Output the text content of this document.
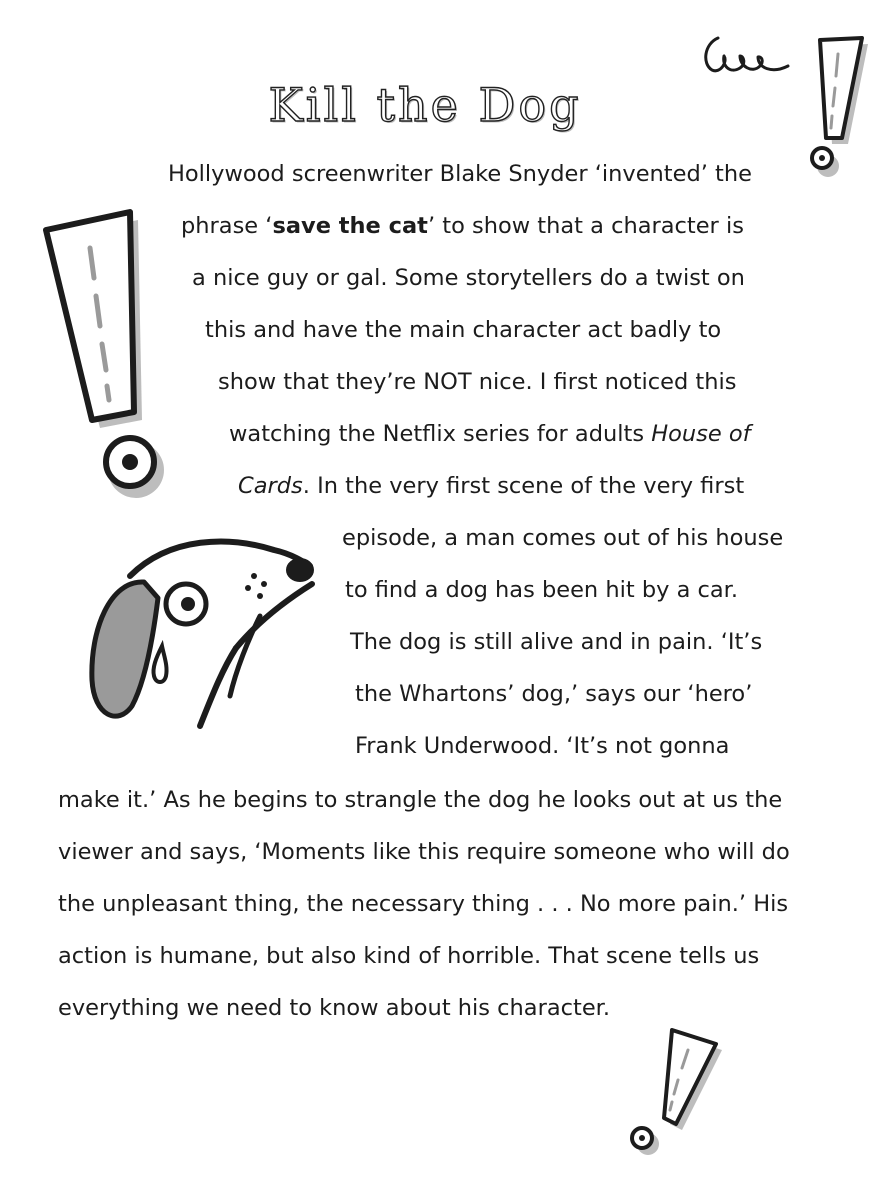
Kill the Dog

Hollywood screenwriter Blake Snyder ‘invented’ the

phrase ‘save the cat’ to show that a character is

a nice guy or gal. Some storytellers do a twist on

this and have the main character act badly to

show that they’re NOT nice. I first noticed this

watching the Netflix series for adults House of

Cards. In the very first scene of the very first

episode, a man comes out of his house

to find a dog has been hit by a car.

The dog is still alive and in pain. ‘It’s

the Whartons’ dog,’ says our ‘hero’

Frank Underwood. ‘It’s not gonna

make it.’ As he begins to strangle the dog he looks out at us the

viewer and says, ‘Moments like this require someone who will do

the unpleasant thing, the necessary thing . . . No more pain.’ His

action is humane, but also kind of horrible. That scene tells us

everything we need to know about his character.
